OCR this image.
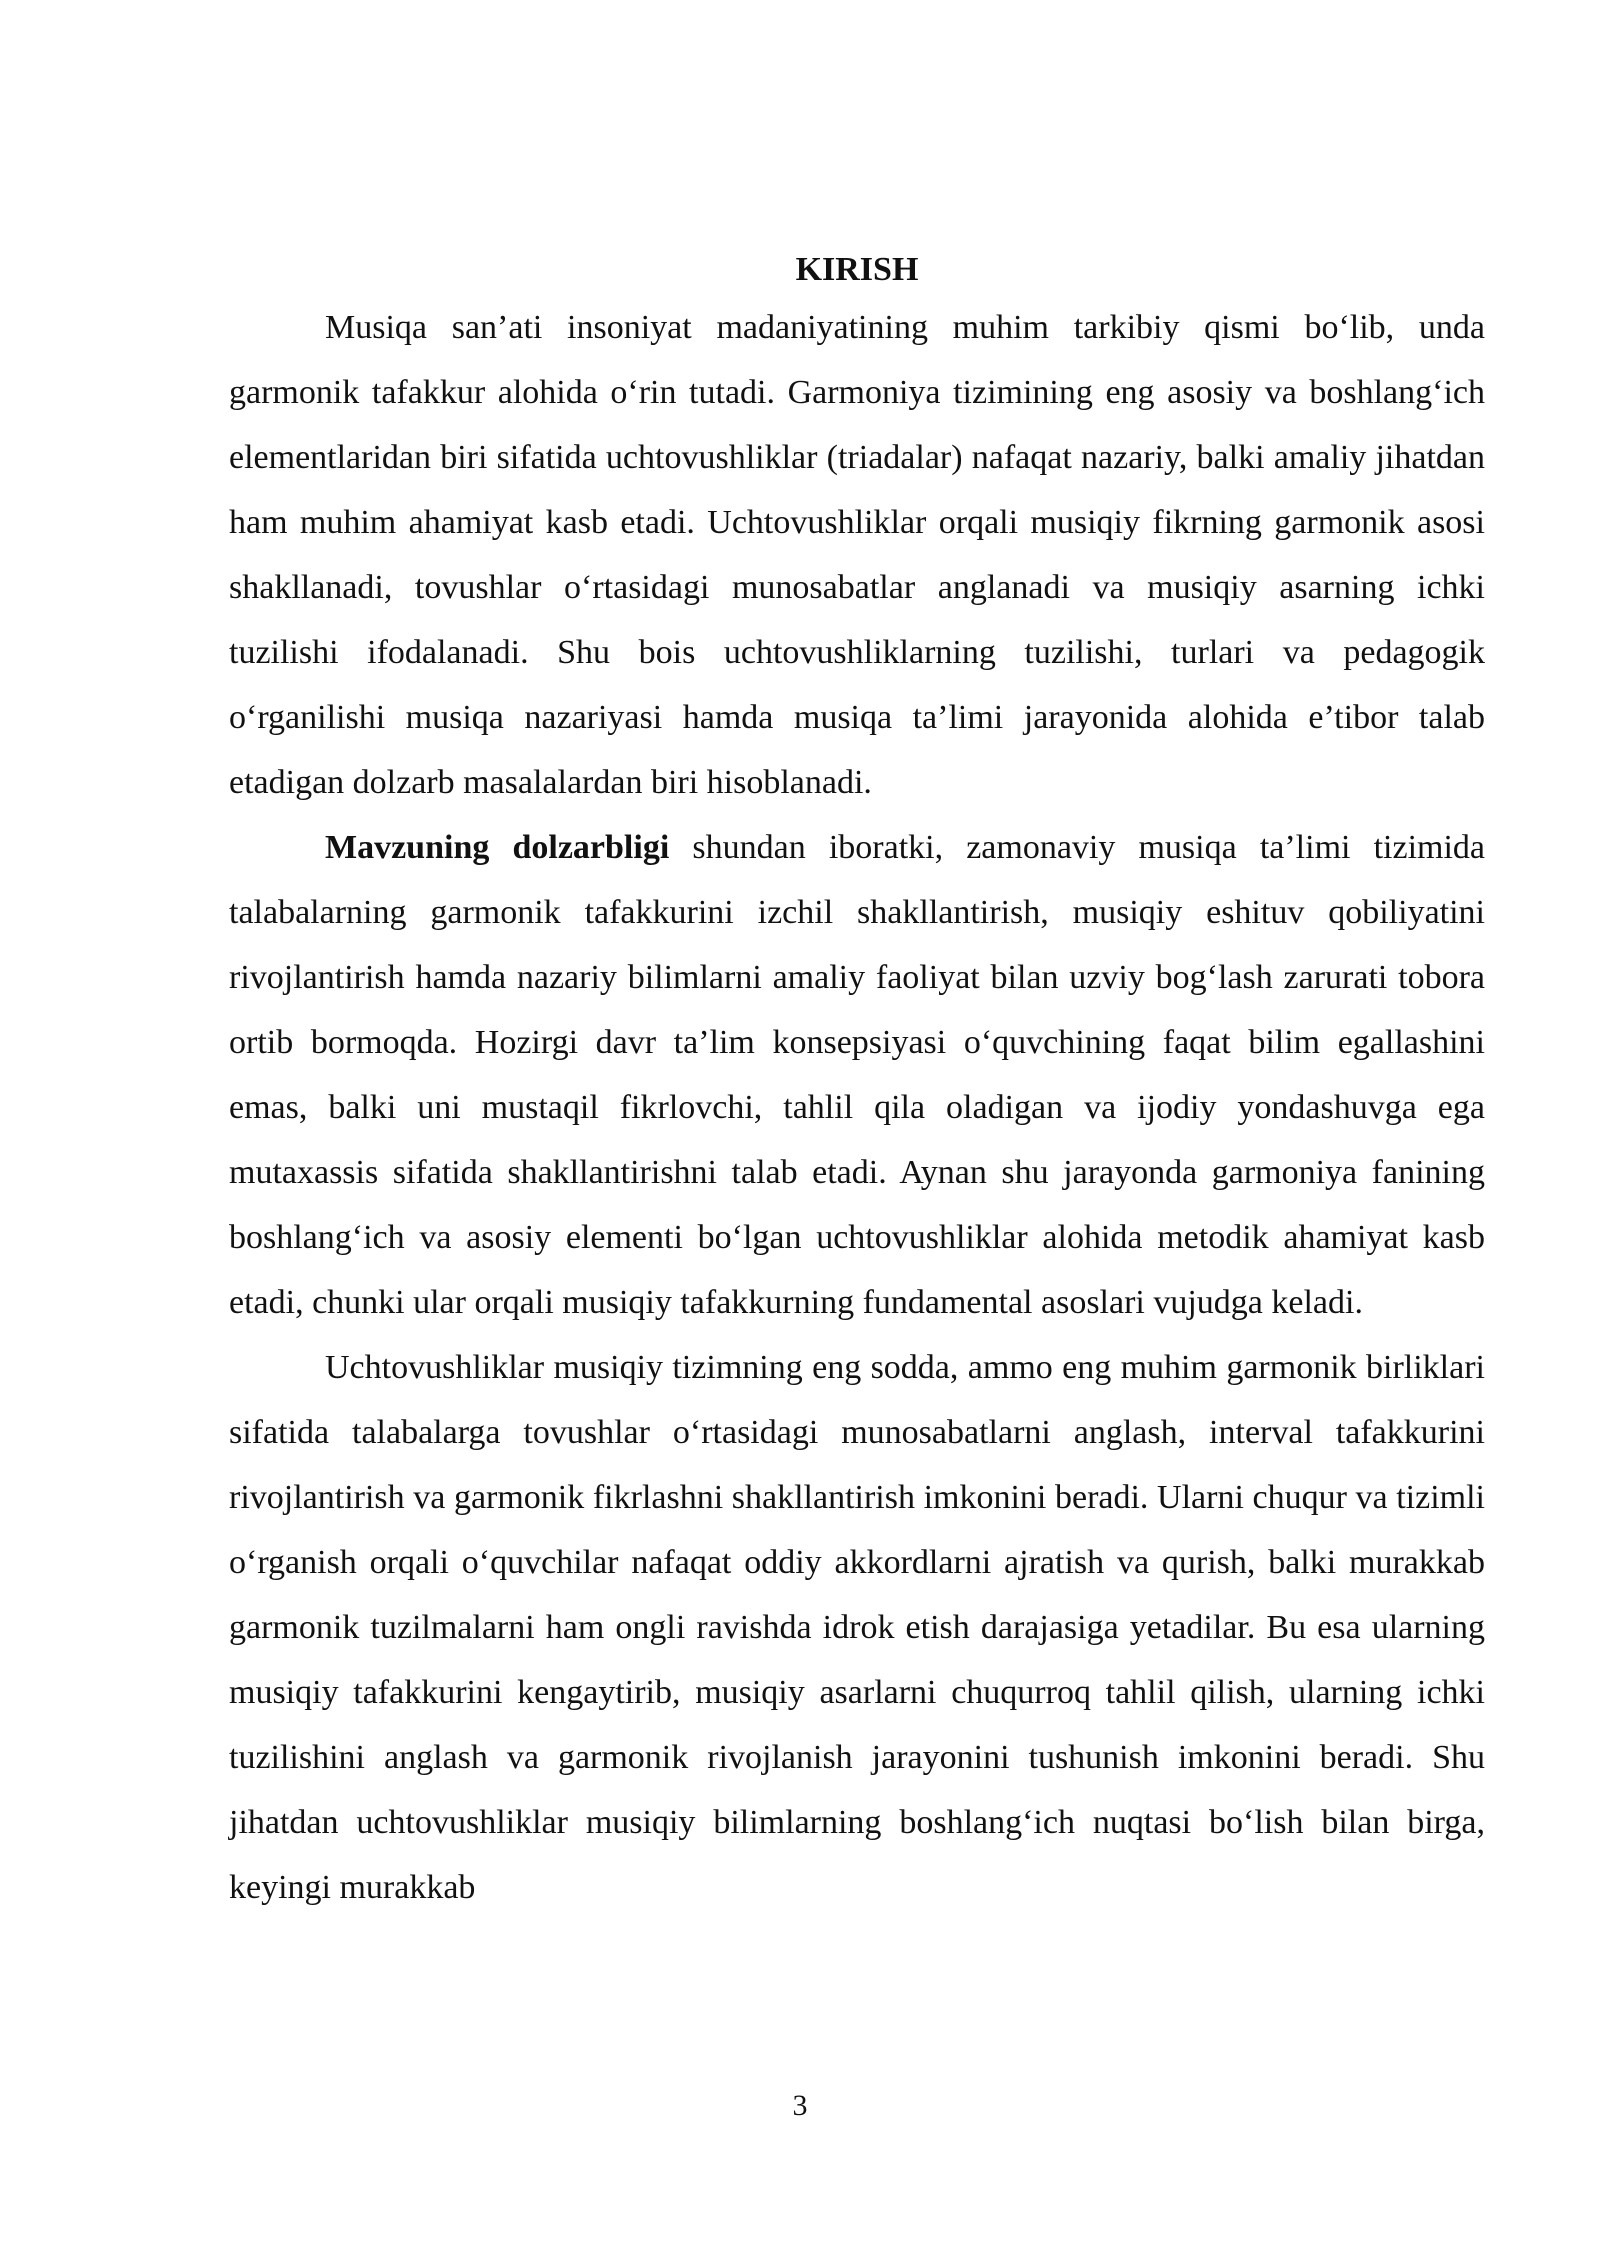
KIRISH

Musiqa san’ati insoniyat madaniyatining muhim tarkibiy qismi bo‘lib, unda garmonik tafakkur alohida o‘rin tutadi. Garmoniya tizimining eng asosiy va boshlang‘ich elementlaridan biri sifatida uchtovushliklar (triadalar) nafaqat nazariy, balki amaliy jihatdan ham muhim ahamiyat kasb etadi. Uchtovushliklar orqali musiqiy fikrning garmonik asosi shakllanadi, tovushlar o‘rtasidagi munosabatlar anglanadi va musiqiy asarning ichki tuzilishi ifodalanadi. Shu bois uchtovushliklarning tuzilishi, turlari va pedagogik o‘rganilishi musiqa nazariyasi hamda musiqa ta’limi jarayonida alohida e’tibor talab etadigan dolzarb masalalardan biri hisoblanadi.

Mavzuning dolzarbligi shundan iboratki, zamonaviy musiqa ta’limi tizimida talabalarning garmonik tafakkurini izchil shakllantirish, musiqiy eshituv qobiliyatini rivojlantirish hamda nazariy bilimlarni amaliy faoliyat bilan uzviy bog‘lash zarurati tobora ortib bormoqda. Hozirgi davr ta’lim konsepsiyasi o‘quvchining faqat bilim egallashini emas, balki uni mustaqil fikrlovchi, tahlil qila oladigan va ijodiy yondashuvga ega mutaxassis sifatida shakllantirishni talab etadi. Aynan shu jarayonda garmoniya fanining boshlang‘ich va asosiy elementi bo‘lgan uchtovushliklar alohida metodik ahamiyat kasb etadi, chunki ular orqali musiqiy tafakkurning fundamental asoslari vujudga keladi.

Uchtovushliklar musiqiy tizimning eng sodda, ammo eng muhim garmonik birliklari sifatida talabalarga tovushlar o‘rtasidagi munosabatlarni anglash, interval tafakkurini rivojlantirish va garmonik fikrlashni shakllantirish imkonini beradi. Ularni chuqur va tizimli o‘rganish orqali o‘quvchilar nafaqat oddiy akkordlarni ajratish va qurish, balki murakkab garmonik tuzilmalarni ham ongli ravishda idrok etish darajasiga yetadilar. Bu esa ularning musiqiy tafakkurini kengaytirib, musiqiy asarlarni chuqurroq tahlil qilish, ularning ichki tuzilishini anglash va garmonik rivojlanish jarayonini tushunish imkonini beradi. Shu jihatdan uchtovushliklar musiqiy bilimlarning boshlang‘ich nuqtasi bo‘lish bilan birga, keyingi murakkab

3
